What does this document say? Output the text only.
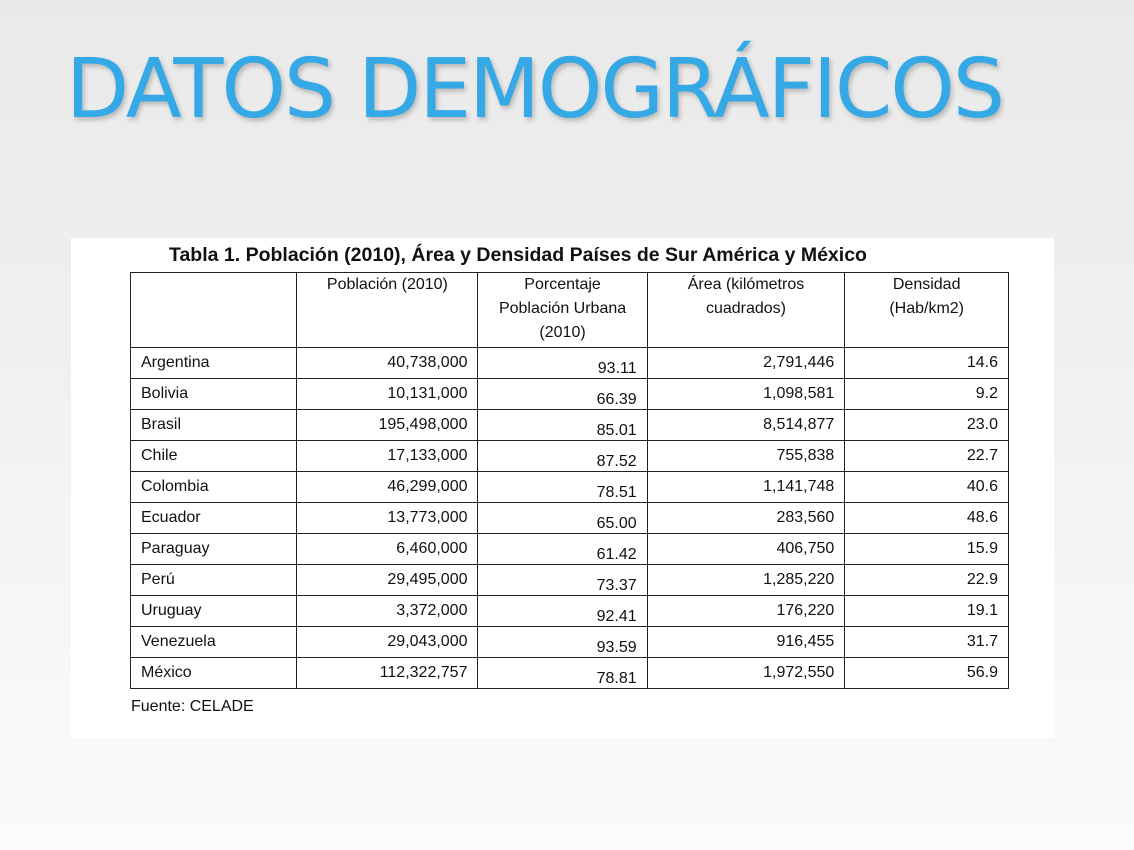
DATOS DEMOGRÁFICOS
Tabla 1. Población (2010), Área y Densidad Países de Sur América y México
	Población (2010)	Porcentaje Población Urbana (2010)	Área (kilómetros cuadrados)	Densidad (Hab/km2)
Argentina	40,738,000	93.11	2,791,446	14.6
Bolivia	10,131,000	66.39	1,098,581	9.2
Brasil	195,498,000	85.01	8,514,877	23.0
Chile	17,133,000	87.52	755,838	22.7
Colombia	46,299,000	78.51	1,141,748	40.6
Ecuador	13,773,000	65.00	283,560	48.6
Paraguay	6,460,000	61.42	406,750	15.9
Perú	29,495,000	73.37	1,285,220	22.9
Uruguay	3,372,000	92.41	176,220	19.1
Venezuela	29,043,000	93.59	916,455	31.7
México	112,322,757	78.81	1,972,550	56.9
Fuente: CELADE
